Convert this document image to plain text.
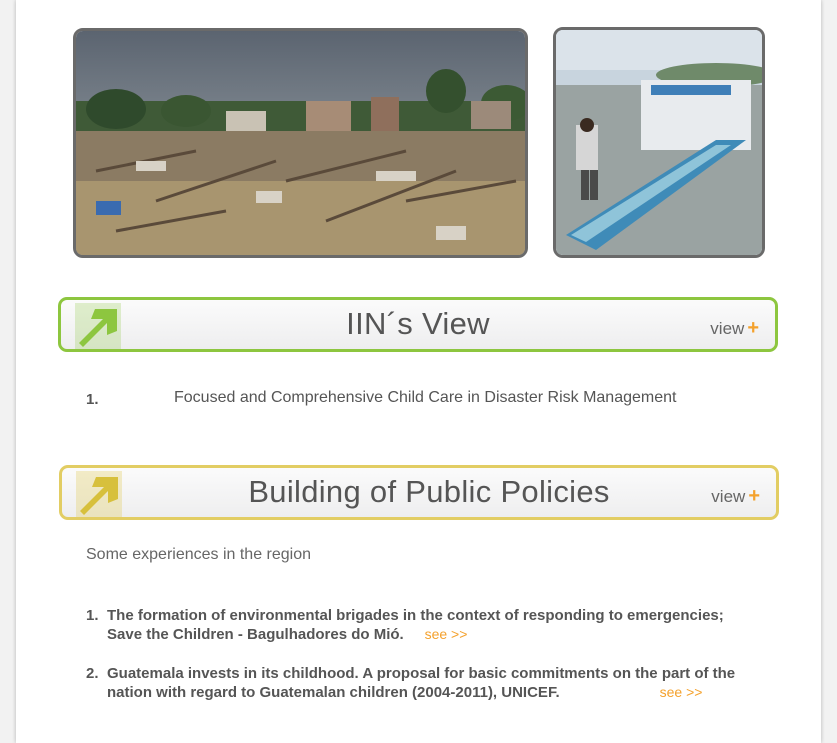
IIN´s View	view +
1.	Focused and Comprehensive Child Care in Disaster Risk Management
Building of Public Policies	view +
Some experiences in the region
1. The formation of environmental brigades in the context of responding to emergencies; Save the Children - Bagulhadores do Mió. see >>
2. Guatemala invests in its childhood. A proposal for basic commitments on the part of the nation with regard to Guatemalan children (2004-2011), UNICEF.	see >>
